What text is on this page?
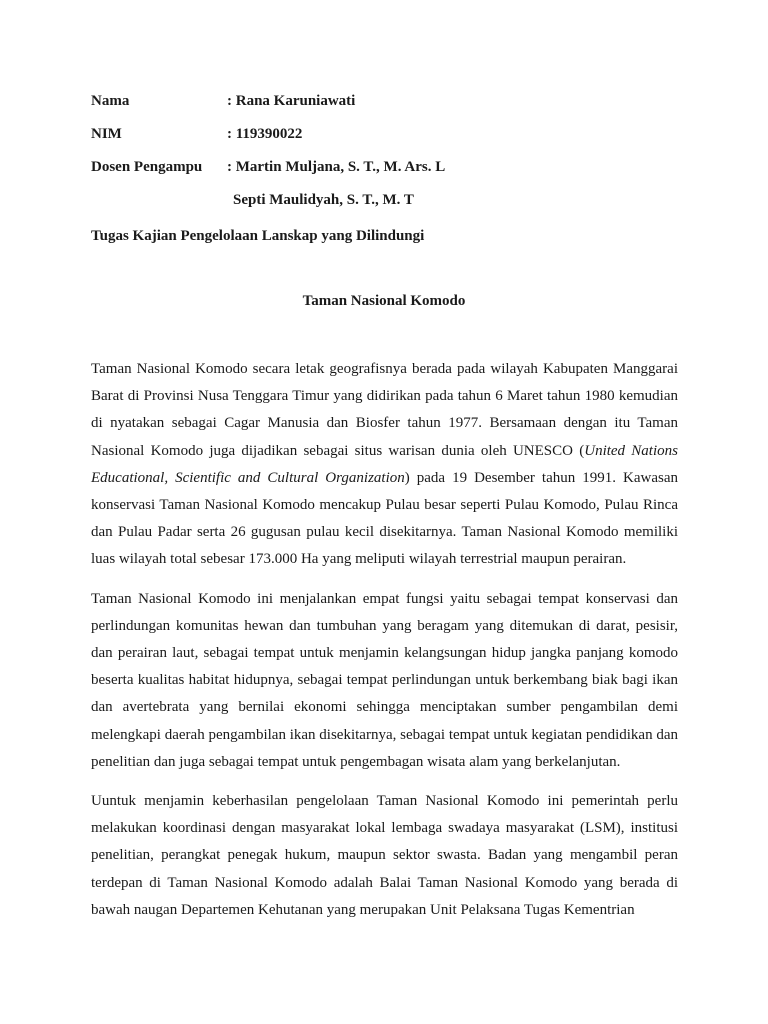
Nama	: Rana Karuniawati
NIM	: 119390022
Dosen Pengampu	: Martin Muljana, S. T., M. Ars. L
Septi Maulidyah, S. T., M. T
Tugas Kajian Pengelolaan Lanskap yang Dilindungi
Taman Nasional Komodo

Taman Nasional Komodo secara letak geografisnya berada pada wilayah Kabupaten Manggarai Barat di Provinsi Nusa Tenggara Timur yang didirikan pada tahun 6 Maret tahun 1980 kemudian di nyatakan sebagai Cagar Manusia dan Biosfer tahun 1977. Bersamaan dengan itu Taman Nasional Komodo juga dijadikan sebagai situs warisan dunia oleh UNESCO (United Nations Educational, Scientific and Cultural Organization) pada 19 Desember tahun 1991. Kawasan konservasi Taman Nasional Komodo mencakup Pulau besar seperti Pulau Komodo, Pulau Rinca dan Pulau Padar serta 26 gugusan pulau kecil disekitarnya. Taman Nasional Komodo memiliki luas wilayah total sebesar 173.000 Ha yang meliputi wilayah terrestrial maupun perairan.

Taman Nasional Komodo ini menjalankan empat fungsi yaitu sebagai tempat konservasi dan perlindungan komunitas hewan dan tumbuhan yang beragam yang ditemukan di darat, pesisir, dan perairan laut, sebagai tempat untuk menjamin kelangsungan hidup jangka panjang komodo beserta kualitas habitat hidupnya, sebagai tempat perlindungan untuk berkembang biak bagi ikan dan avertebrata yang bernilai ekonomi sehingga menciptakan sumber pengambilan demi melengkapi daerah pengambilan ikan disekitarnya, sebagai tempat untuk kegiatan pendidikan dan penelitian dan juga sebagai tempat untuk pengembagan wisata alam yang berkelanjutan.

Uuntuk menjamin keberhasilan pengelolaan Taman Nasional Komodo ini pemerintah perlu melakukan koordinasi dengan masyarakat lokal lembaga swadaya masyarakat (LSM), institusi penelitian, perangkat penegak hukum, maupun sektor swasta. Badan yang mengambil peran terdepan di Taman Nasional Komodo adalah Balai Taman Nasional Komodo yang berada di bawah naugan Departemen Kehutanan yang merupakan Unit Pelaksana Tugas Kementrian
